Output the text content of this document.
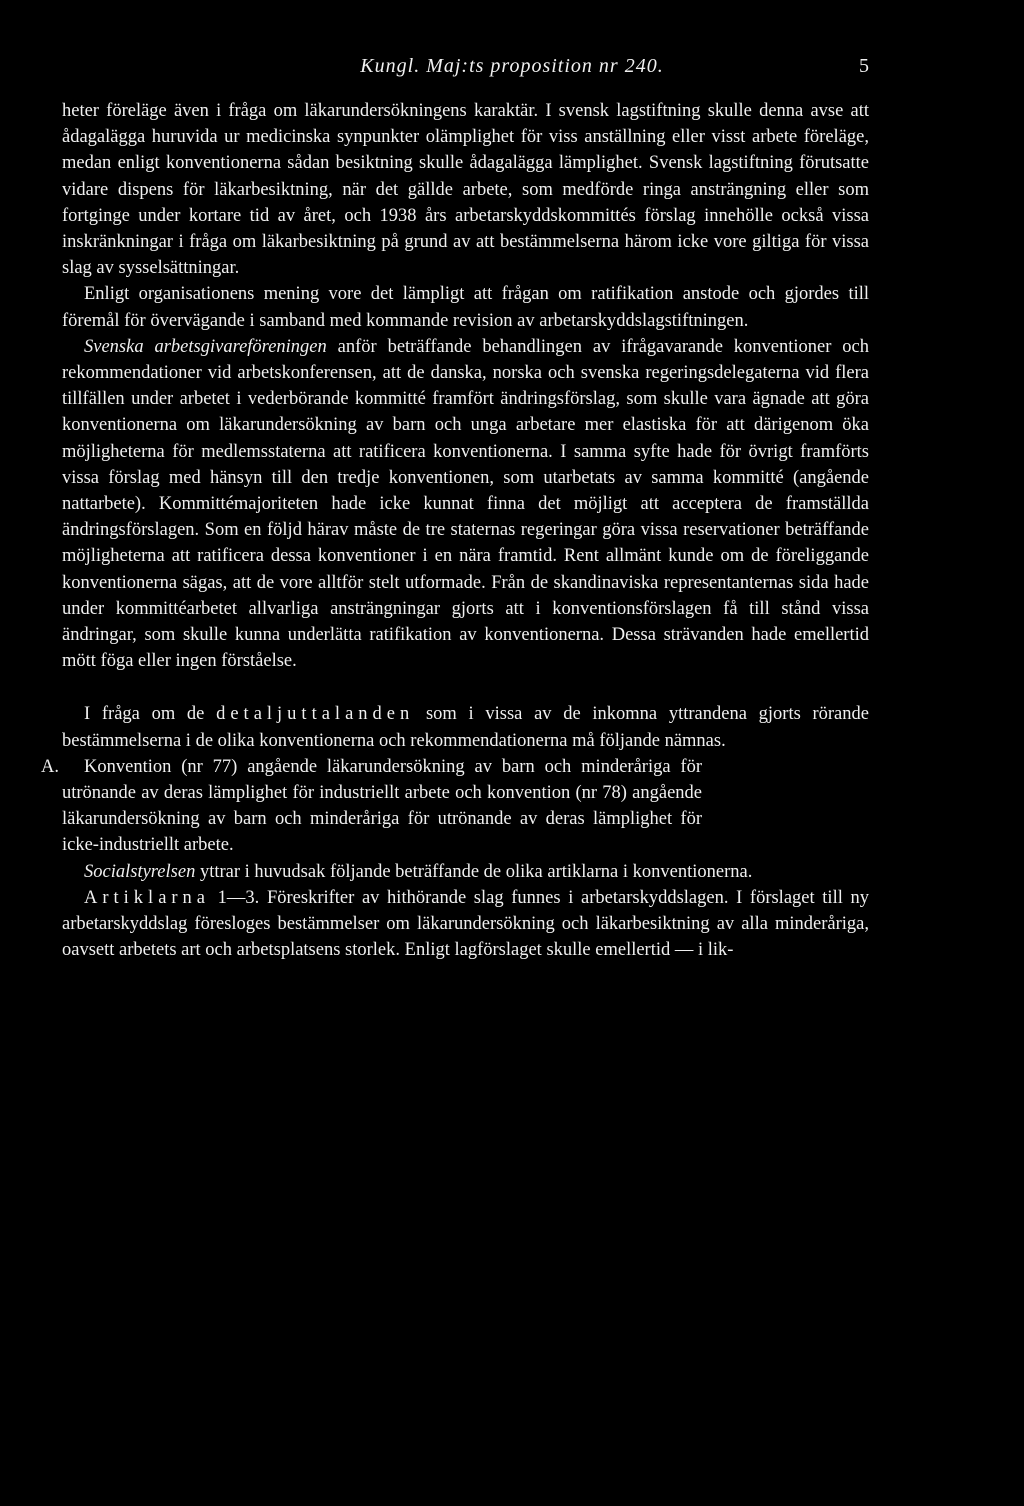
Kungl. Maj:ts proposition nr 240.	5

heter föreläge även i fråga om läkarundersökningens karaktär. I svensk lagstiftning skulle denna avse att ådagalägga huruvida ur medicinska synpunkter olämplighet för viss anställning eller visst arbete föreläge, medan enligt konventionerna sådan besiktning skulle ådagalägga lämplighet. Svensk lagstiftning förutsatte vidare dispens för läkarbesiktning, när det gällde arbete, som medförde ringa ansträngning eller som fortginge under kortare tid av året, och 1938 års arbetarskyddskommittés förslag innehölle också vissa inskränkningar i fråga om läkarbesiktning på grund av att bestämmelserna härom icke vore giltiga för vissa slag av sysselsättningar.

Enligt organisationens mening vore det lämpligt att frågan om ratifikation anstode och gjordes till föremål för övervägande i samband med kommande revision av arbetarskyddslagstiftningen.

Svenska arbetsgivareföreningen anför beträffande behandlingen av ifrågavarande konventioner och rekommendationer vid arbetskonferensen, att de danska, norska och svenska regeringsdelegaterna vid flera tillfällen under arbetet i vederbörande kommitté framfört ändringsförslag, som skulle vara ägnade att göra konventionerna om läkarundersökning av barn och unga arbetare mer elastiska för att därigenom öka möjligheterna för medlemsstaterna att ratificera konventionerna. I samma syfte hade för övrigt framförts vissa förslag med hänsyn till den tredje konventionen, som utarbetats av samma kommitté (angående nattarbete). Kommittémajoriteten hade icke kunnat finna det möjligt att acceptera de framställda ändringsförslagen. Som en följd härav måste de tre staternas regeringar göra vissa reservationer beträffande möjligheterna att ratificera dessa konventioner i en nära framtid. Rent allmänt kunde om de föreliggande konventionerna sägas, att de vore alltför stelt utformade. Från de skandinaviska representanternas sida hade under kommittéarbetet allvarliga ansträngningar gjorts att i konventionsförslagen få till stånd vissa ändringar, som skulle kunna underlätta ratifikation av konventionerna. Dessa strävanden hade emellertid mött föga eller ingen förståelse.

I fråga om de detaljuttalanden som i vissa av de inkomna yttrandena gjorts rörande bestämmelserna i de olika konventionerna och rekommendationerna må följande nämnas.

A. Konvention (nr 77) angående läkarundersökning av barn och minderåriga för utrönande av deras lämplighet för industriellt arbete och konvention (nr 78) angående läkarundersökning av barn och minderåriga för utrönande av deras lämplighet för icke-industriellt arbete.

Socialstyrelsen yttrar i huvudsak följande beträffande de olika artiklarna i konventionerna.

Artiklarna 1—3. Föreskrifter av hithörande slag funnes i arbetarskyddslagen. I förslaget till ny arbetarskyddslag föresloges bestämmelser om läkarundersökning och läkarbesiktning av alla minderåriga, oavsett arbetets art och arbetsplatsens storlek. Enligt lagförslaget skulle emellertid — i lik-
